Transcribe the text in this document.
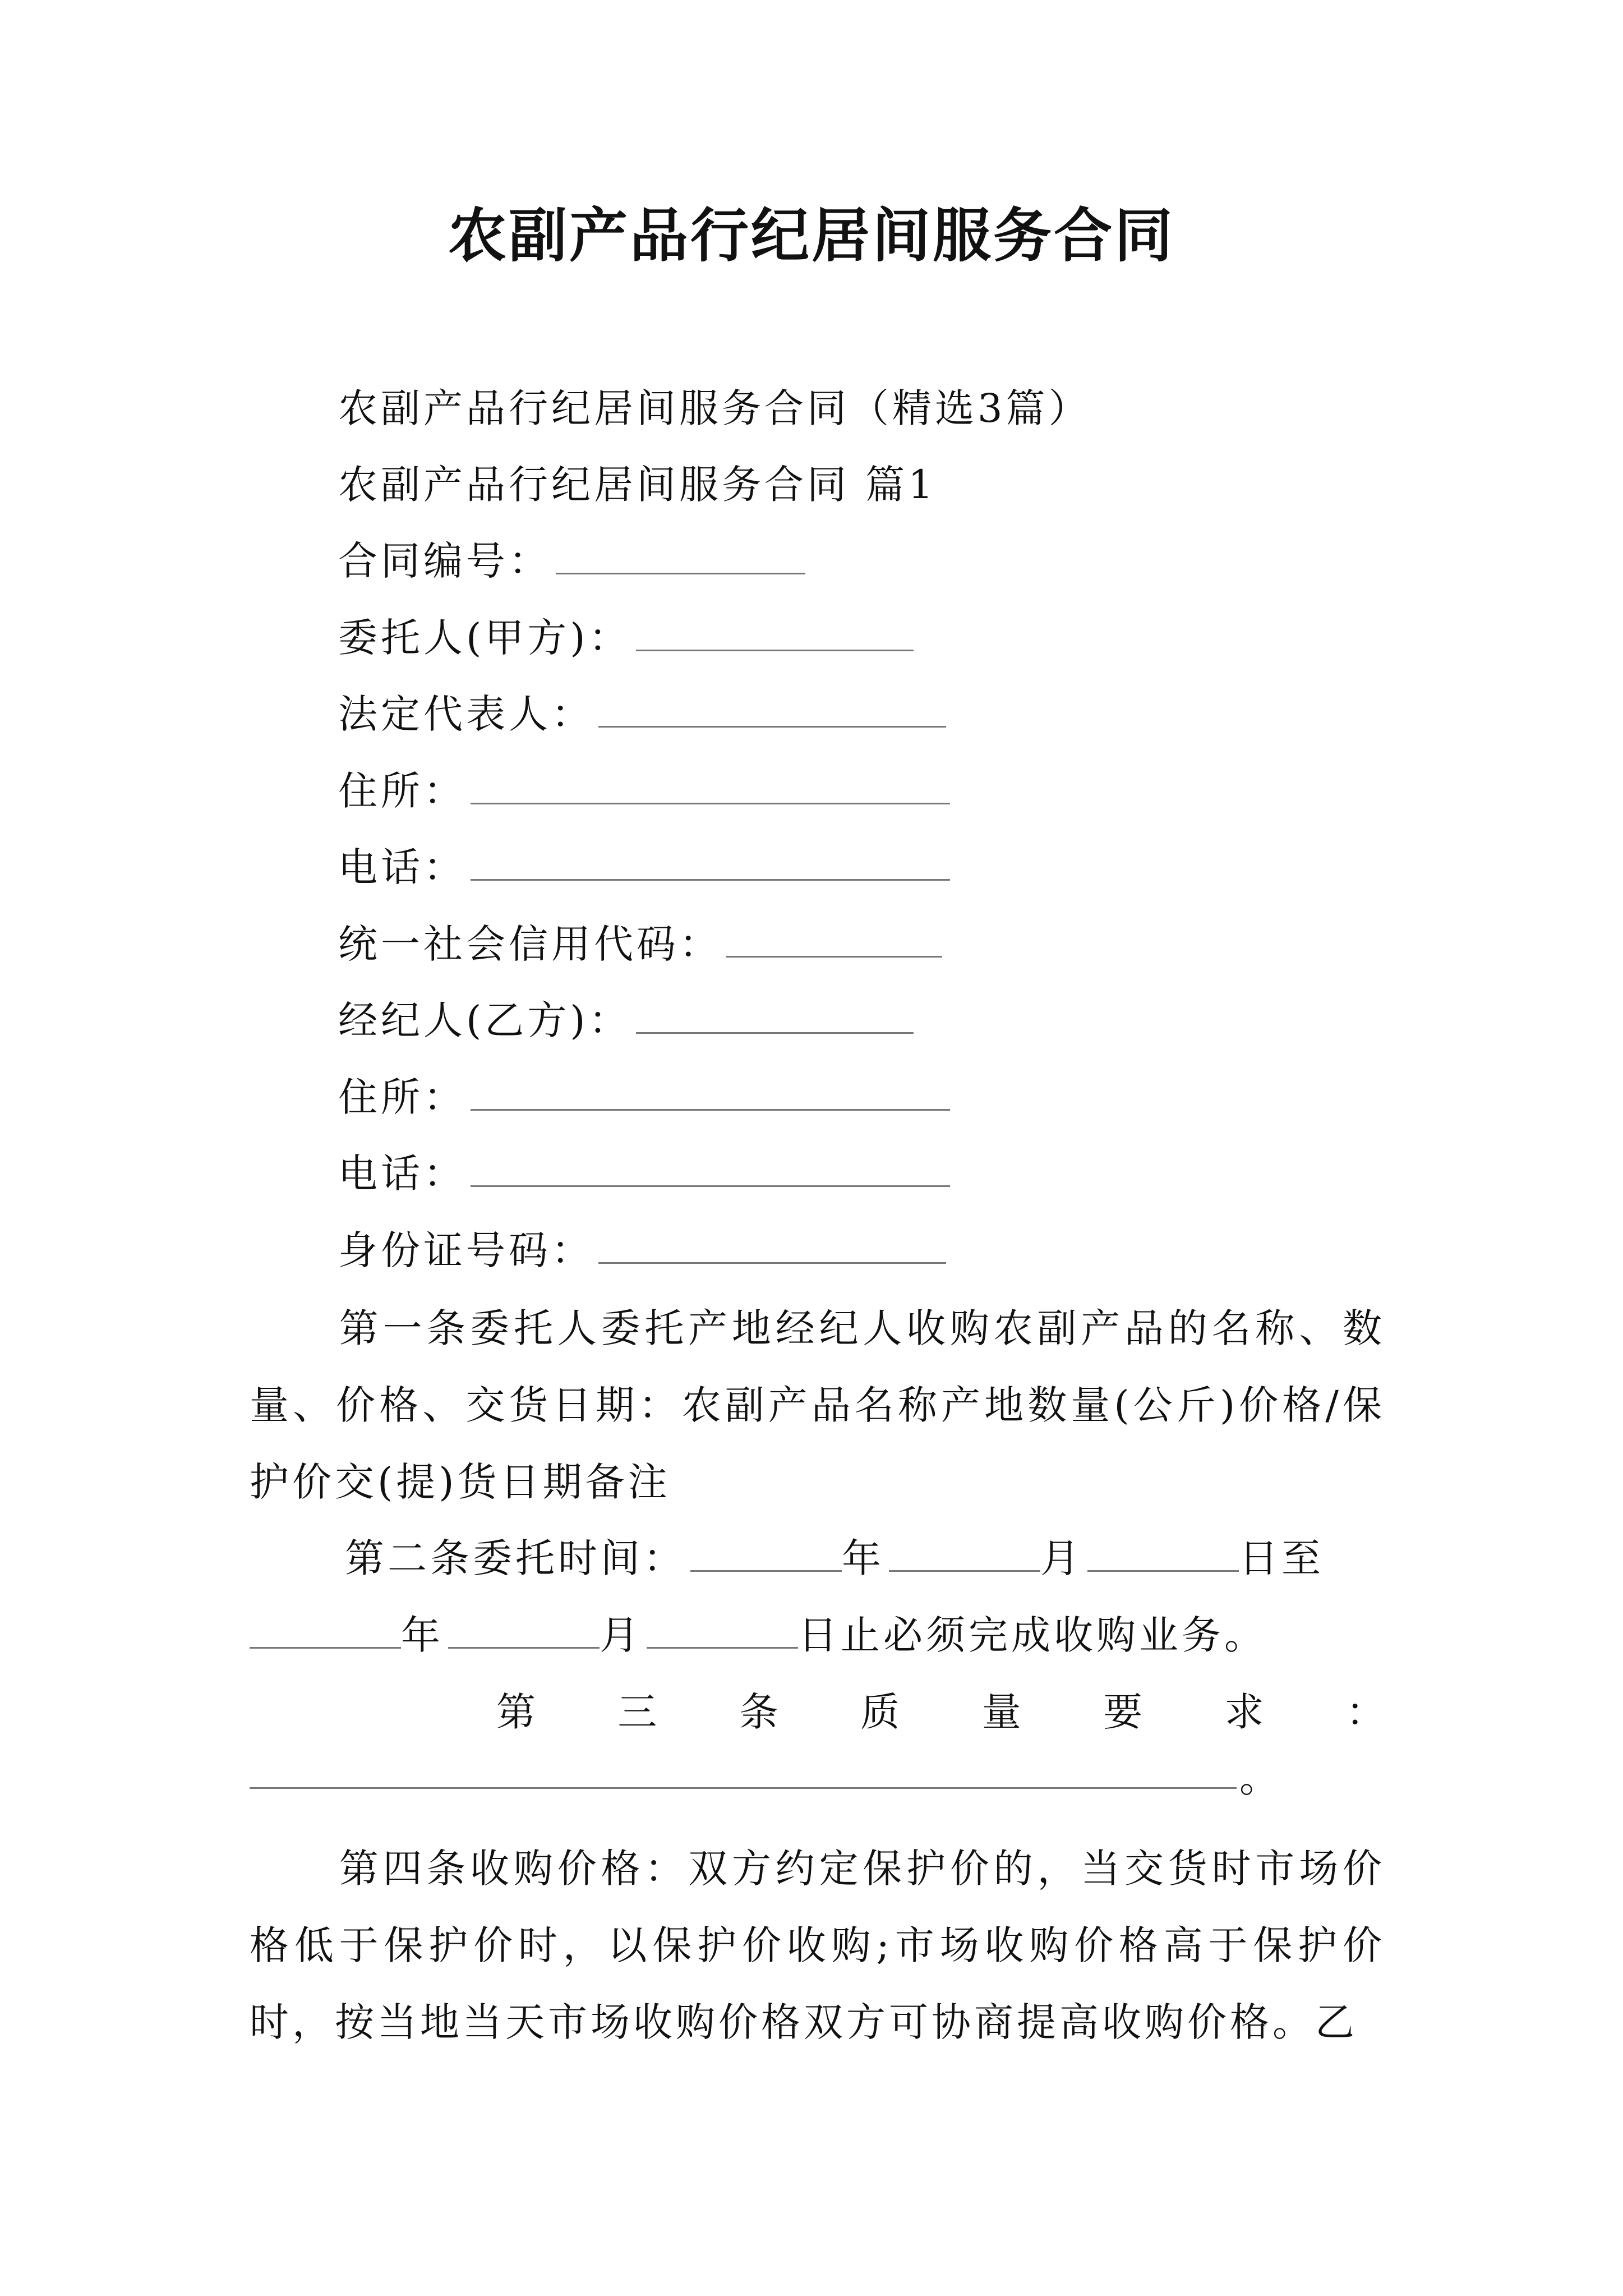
农副产品行纪居间服务合同
农副产品行纪居间服务合同（精选3篇）
农副产品行纪居间服务合同 篇1
合同编号：
委托人(甲方)：
法定代表人：
住所：
电话：
统一社会信用代码：
经纪人(乙方)：
住所：
电话：
身份证号码：
第一条委托人委托产地经纪人收购农副产品的名称、数量、价格、交货日期：农副产品名称产地数量(公斤)价格/保护价交(提)货日期备注
第二条委托时间：	年	月	日至
年	月	日止必须完成收购业务。
第 三 条 质 量 要 求 ：
。
第四条收购价格：双方约定保护价的，当交货时市场价格低于保护价时，以保护价收购;市场收购价格高于保护价时，按当地当天市场收购价格双方可协商提高收购价格。乙
